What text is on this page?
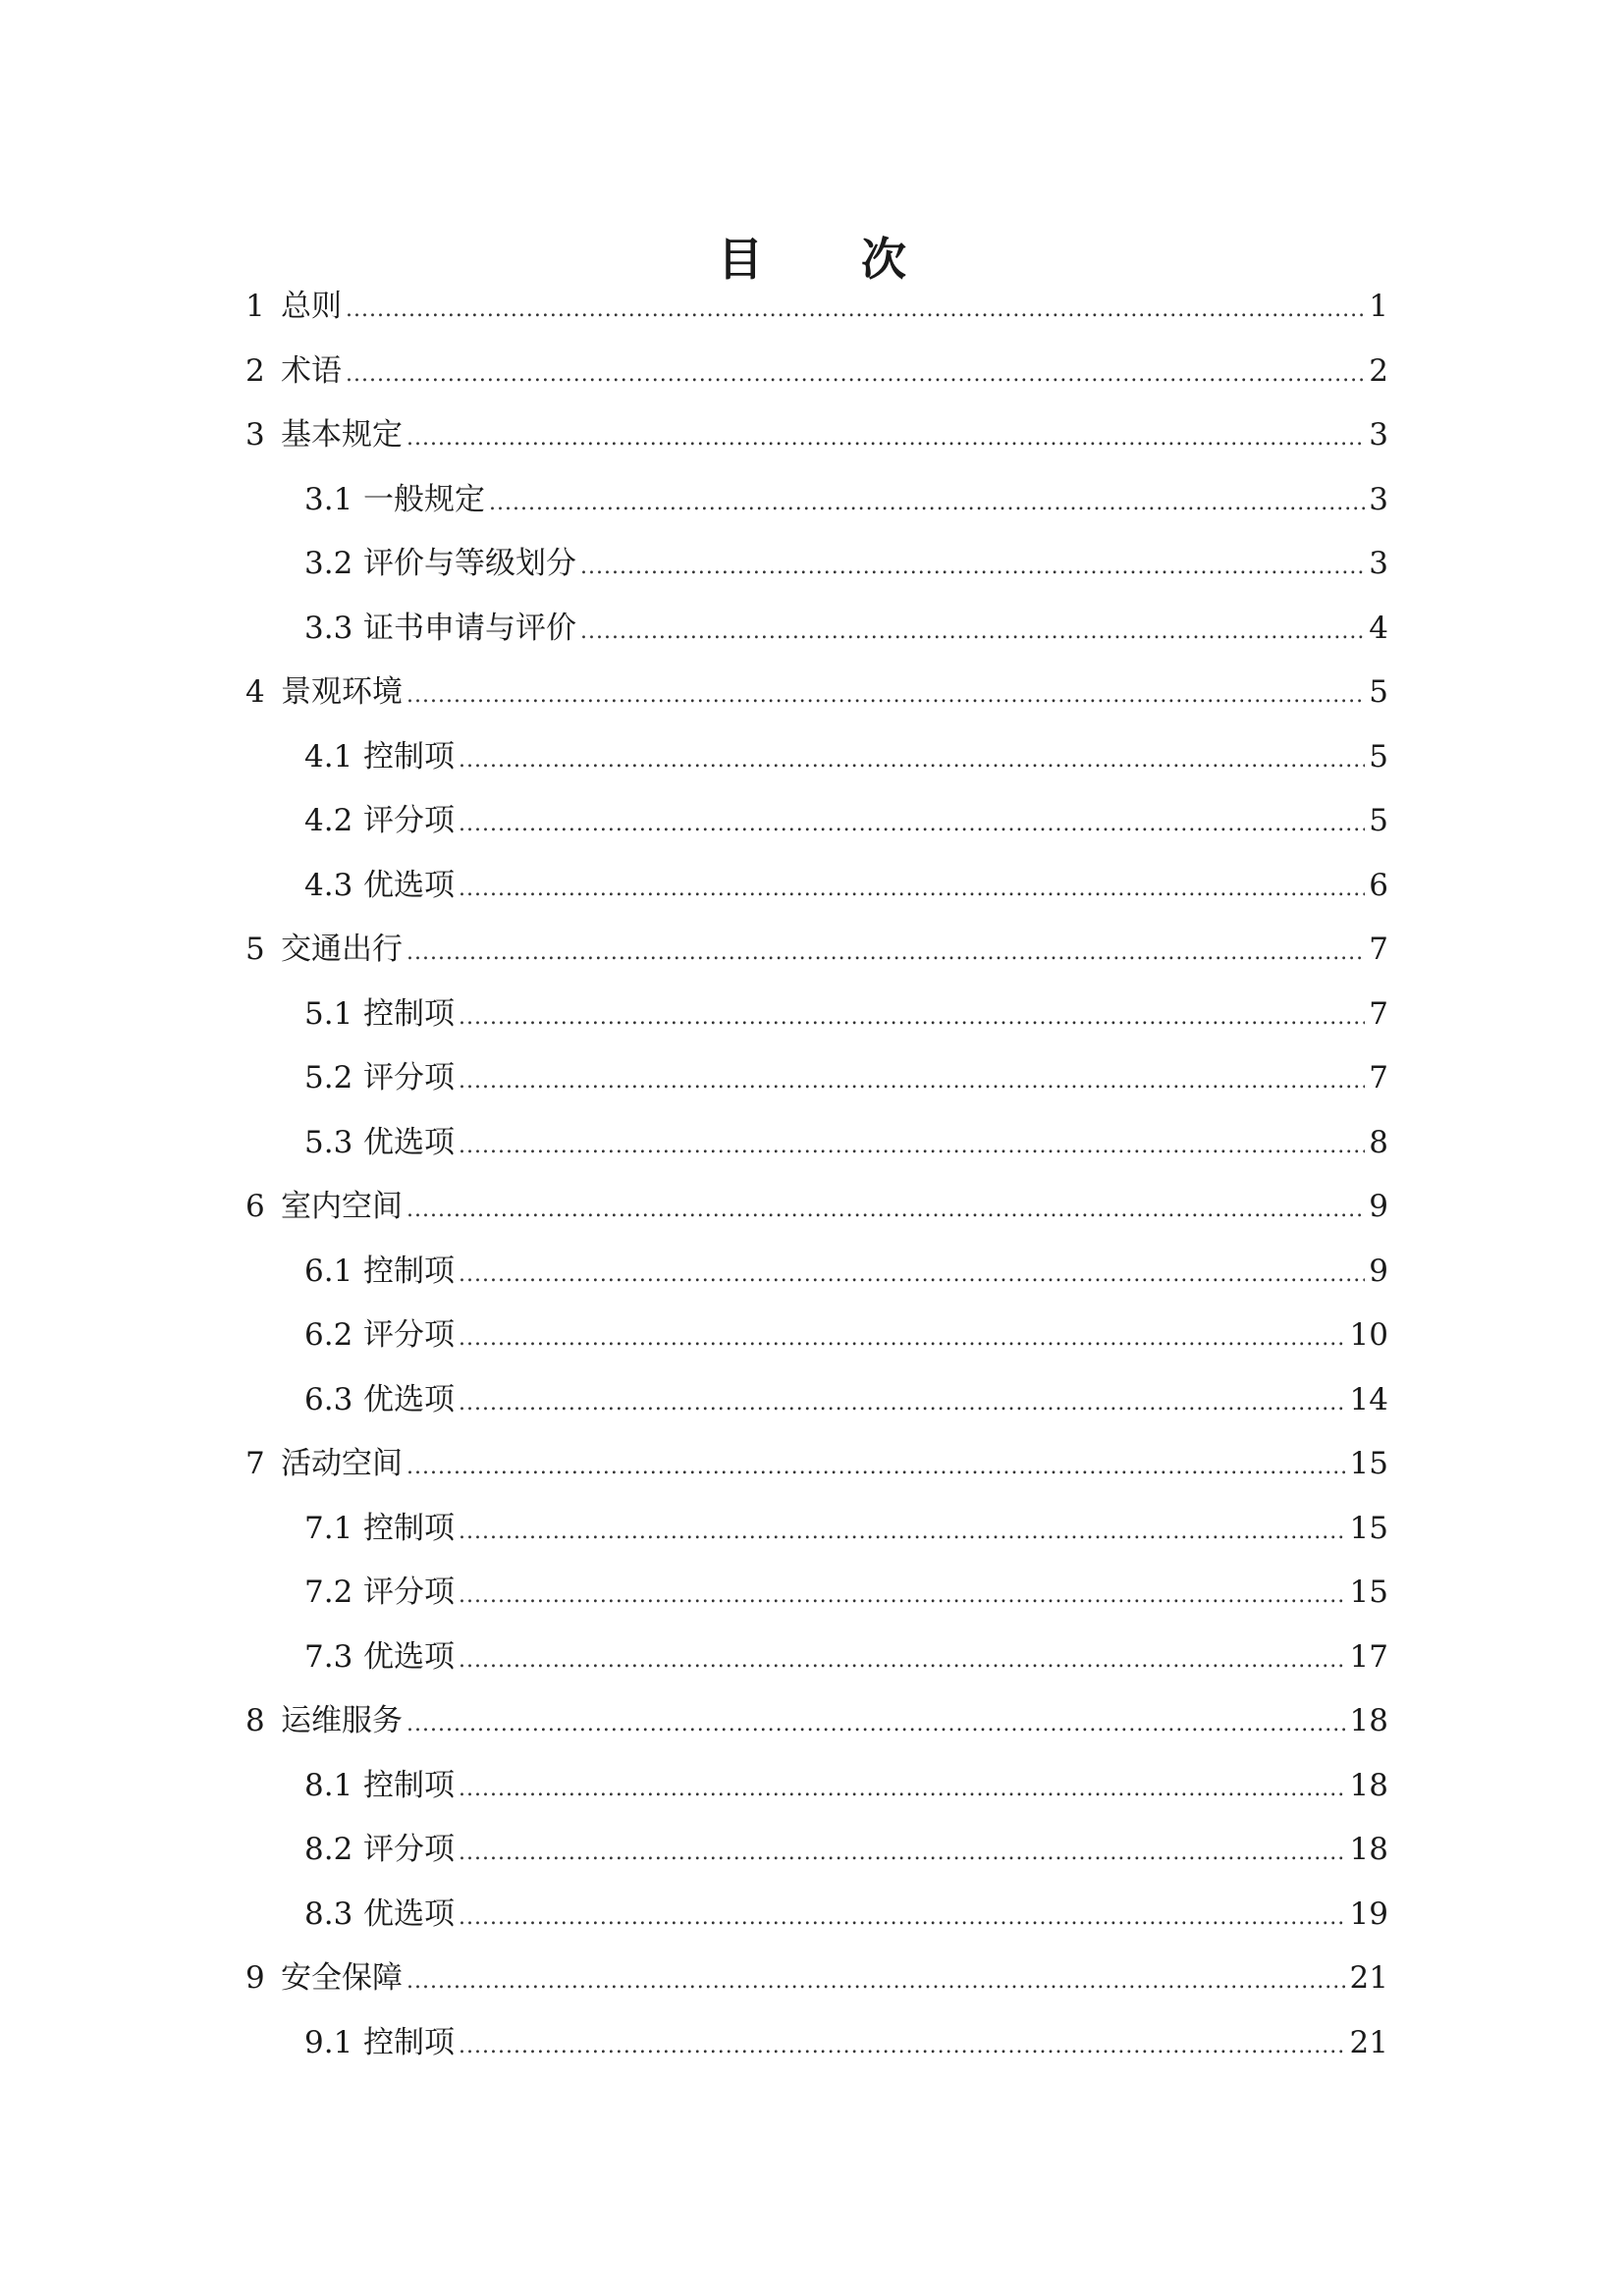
目 次
1 总则 .....	1
2 术语 .....	2
3 基本规定 .....	3
3.1 一般规定 .....	3
3.2 评价与等级划分 .....	3
3.3 证书申请与评价 .....	4
4 景观环境 .....	5
4.1 控制项 .....	5
4.2 评分项 .....	5
4.3 优选项 .....	6
5 交通出行 .....	7
5.1 控制项 .....	7
5.2 评分项 .....	7
5.3 优选项 .....	8
6 室内空间 .....	9
6.1 控制项 .....	9
6.2 评分项 .....	10
6.3 优选项 .....	14
7 活动空间 .....	15
7.1 控制项 .....	15
7.2 评分项 .....	15
7.3 优选项 .....	17
8 运维服务 .....	18
8.1 控制项 .....	18
8.2 评分项 .....	18
8.3 优选项 .....	19
9 安全保障 .....	21
9.1 控制项 .....	21
